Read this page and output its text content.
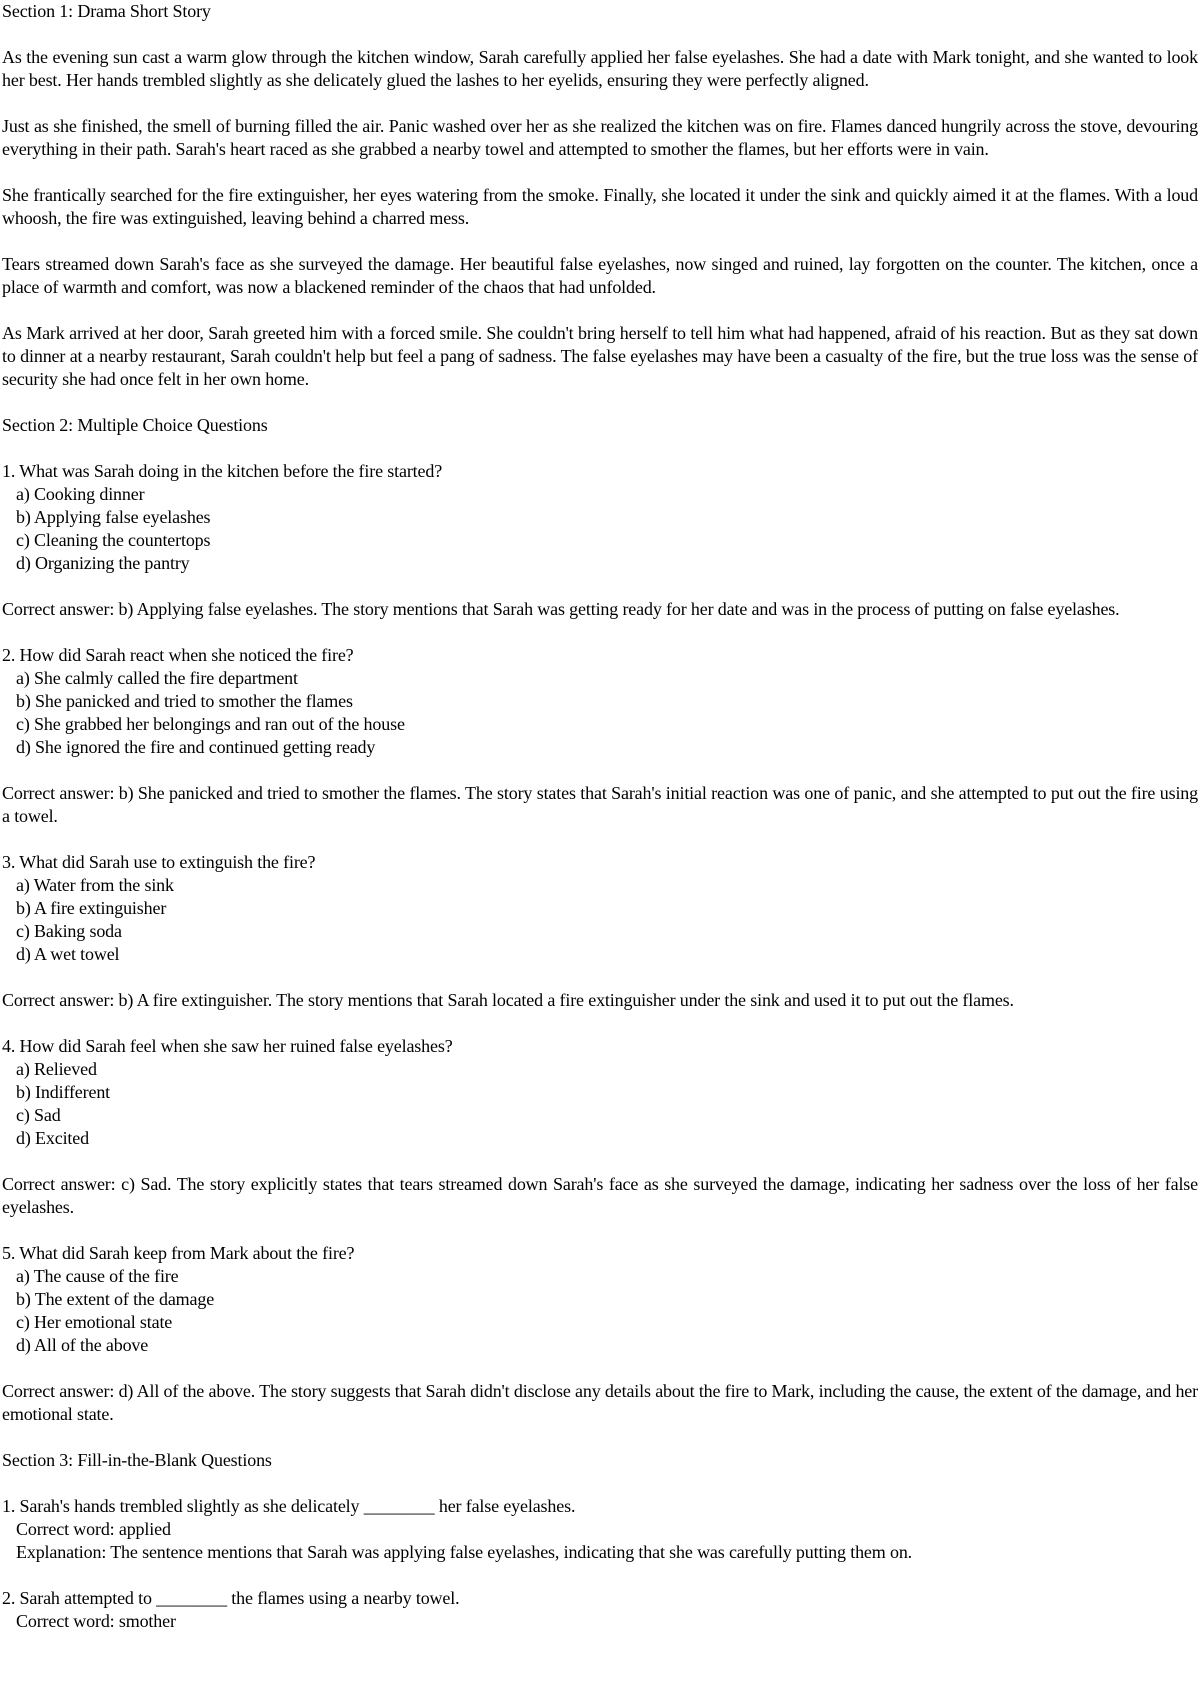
Section 1: Drama Short Story

As the evening sun cast a warm glow through the kitchen window, Sarah carefully applied her false eyelashes. She had a date with Mark tonight, and she wanted to look her best. Her hands trembled slightly as she delicately glued the lashes to her eyelids, ensuring they were perfectly aligned.

Just as she finished, the smell of burning filled the air. Panic washed over her as she realized the kitchen was on fire. Flames danced hungrily across the stove, devouring everything in their path. Sarah's heart raced as she grabbed a nearby towel and attempted to smother the flames, but her efforts were in vain.

She frantically searched for the fire extinguisher, her eyes watering from the smoke. Finally, she located it under the sink and quickly aimed it at the flames. With a loud whoosh, the fire was extinguished, leaving behind a charred mess.

Tears streamed down Sarah's face as she surveyed the damage. Her beautiful false eyelashes, now singed and ruined, lay forgotten on the counter. The kitchen, once a place of warmth and comfort, was now a blackened reminder of the chaos that had unfolded.

As Mark arrived at her door, Sarah greeted him with a forced smile. She couldn't bring herself to tell him what had happened, afraid of his reaction. But as they sat down to dinner at a nearby restaurant, Sarah couldn't help but feel a pang of sadness. The false eyelashes may have been a casualty of the fire, but the true loss was the sense of security she had once felt in her own home.

Section 2: Multiple Choice Questions
1. What was Sarah doing in the kitchen before the fire started?
a) Cooking dinner
b) Applying false eyelashes
c) Cleaning the countertops
d) Organizing the pantry

Correct answer: b) Applying false eyelashes. The story mentions that Sarah was getting ready for her date and was in the process of putting on false eyelashes.

2. How did Sarah react when she noticed the fire?
a) She calmly called the fire department
b) She panicked and tried to smother the flames
c) She grabbed her belongings and ran out of the house
d) She ignored the fire and continued getting ready

Correct answer: b) She panicked and tried to smother the flames. The story states that Sarah's initial reaction was one of panic, and she attempted to put out the fire using a towel.

3. What did Sarah use to extinguish the fire?
a) Water from the sink
b) A fire extinguisher
c) Baking soda
d) A wet towel

Correct answer: b) A fire extinguisher. The story mentions that Sarah located a fire extinguisher under the sink and used it to put out the flames.

4. How did Sarah feel when she saw her ruined false eyelashes?
a) Relieved
b) Indifferent
c) Sad
d) Excited

Correct answer: c) Sad. The story explicitly states that tears streamed down Sarah's face as she surveyed the damage, indicating her sadness over the loss of her false eyelashes.

5. What did Sarah keep from Mark about the fire?
a) The cause of the fire
b) The extent of the damage
c) Her emotional state
d) All of the above

Correct answer: d) All of the above. The story suggests that Sarah didn't disclose any details about the fire to Mark, including the cause, the extent of the damage, and her emotional state.

Section 3: Fill-in-the-Blank Questions
1. Sarah's hands trembled slightly as she delicately ________ her false eyelashes.
Correct word: applied
Explanation: The sentence mentions that Sarah was applying false eyelashes, indicating that she was carefully putting them on.
2. Sarah attempted to ________ the flames using a nearby towel.
Correct word: smother
